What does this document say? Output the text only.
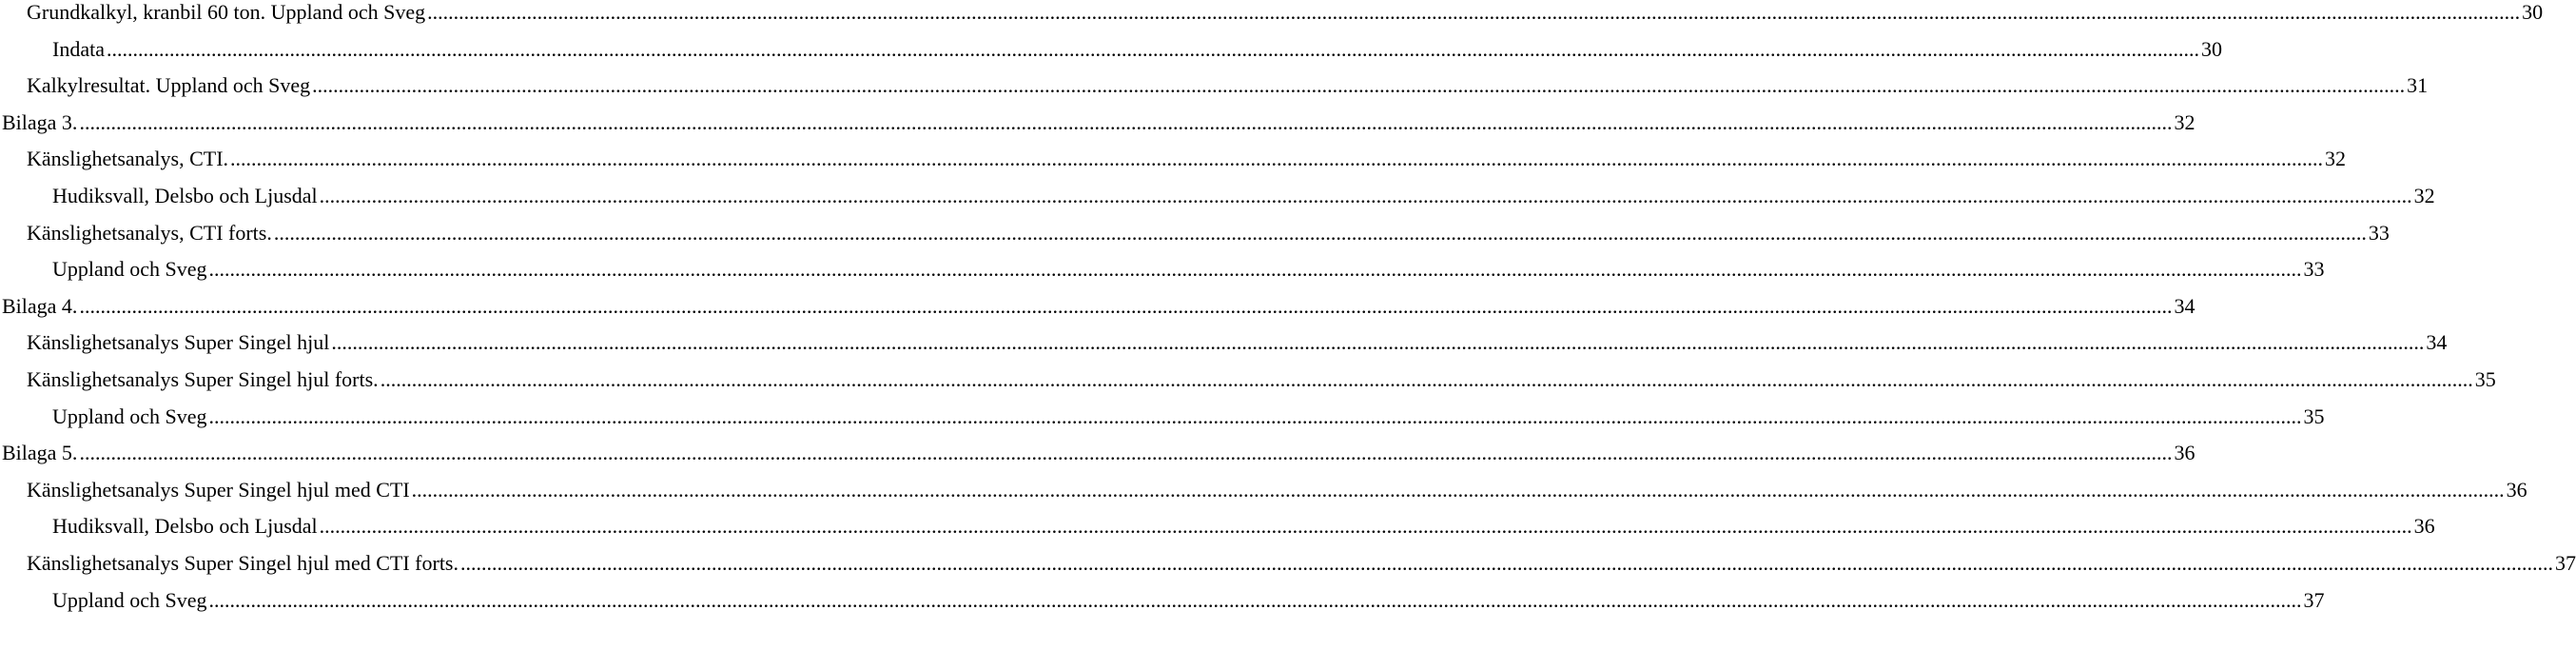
Grundkalkyl, kranbil 60 ton. Uppland och Sveg ................................................................................................................................................................................................................................................................................................................................................................................................................ 30
Indata ................................................................................................................................................................................................................................................................................................................................................................................................................ 30
Kalkylresultat. Uppland och Sveg ................................................................................................................................................................................................................................................................................................................................................................................................................ 31
Bilaga 3. ................................................................................................................................................................................................................................................................................................................................................................................................................ 32
Känslighetsanalys, CTI. ................................................................................................................................................................................................................................................................................................................................................................................................................ 32
Hudiksvall, Delsbo och Ljusdal ................................................................................................................................................................................................................................................................................................................................................................................................................ 32
Känslighetsanalys, CTI forts. ................................................................................................................................................................................................................................................................................................................................................................................................................ 33
Uppland och Sveg ................................................................................................................................................................................................................................................................................................................................................................................................................ 33
Bilaga 4. ................................................................................................................................................................................................................................................................................................................................................................................................................ 34
Känslighetsanalys Super Singel hjul ................................................................................................................................................................................................................................................................................................................................................................................................................ 34
Känslighetsanalys Super Singel hjul forts. ................................................................................................................................................................................................................................................................................................................................................................................................................ 35
Uppland och Sveg ................................................................................................................................................................................................................................................................................................................................................................................................................ 35
Bilaga 5. ................................................................................................................................................................................................................................................................................................................................................................................................................ 36
Känslighetsanalys Super Singel hjul med CTI ................................................................................................................................................................................................................................................................................................................................................................................................................ 36
Hudiksvall, Delsbo och Ljusdal ................................................................................................................................................................................................................................................................................................................................................................................................................ 36
Känslighetsanalys Super Singel hjul med CTI forts. ................................................................................................................................................................................................................................................................................................................................................................................................................ 37
Uppland och Sveg ................................................................................................................................................................................................................................................................................................................................................................................................................ 37
